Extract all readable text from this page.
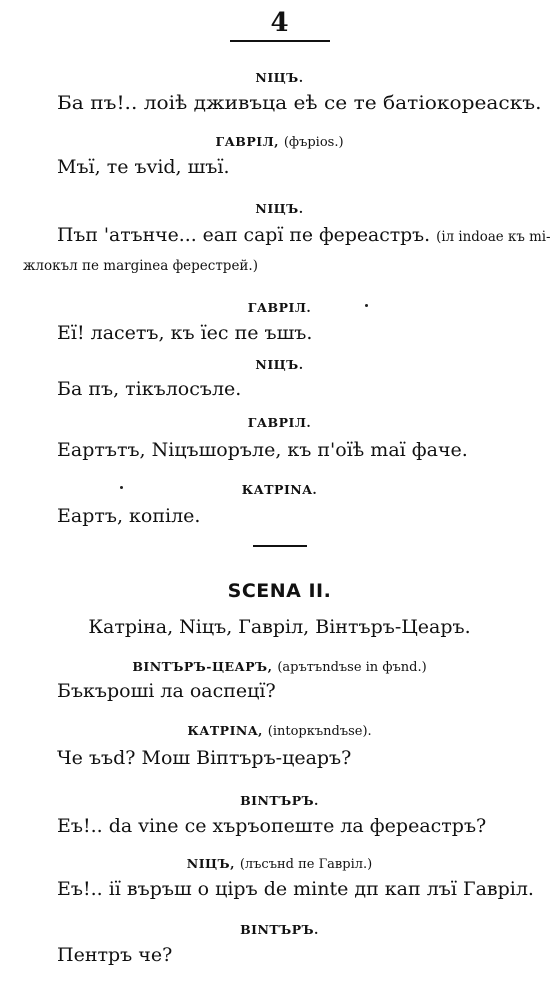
4
NIЦЪ.
Ба пъ!.. лоiѣ дживъца еѣ се те батiокореаскъ.
ГАВРIЛ, (фъріos.)
Мъї, те ъvid, шъї.
NIЦЪ.
Пъп 'атънче... еап сарї пе фереастръ. (іл іndoae къ mi-
жлокъл пе marginea ферестрей.)
ГАВРIЛ.
Еї! ласетъ, къ їес пе ъшъ.
NIЦЪ.
Ба пъ, тікълосъле.
ГАВРIЛ.
Еартътъ, Nіцъшоръле, къ п'оїѣ maї фаче.
КАТРINA.
Еартъ, копіле.
SCENA II.
Катріна, Nіцъ, Гаврiл, Bінтъръ-Цеаръ.
BІNТЪРЪ-ЦЕАРЪ, (арътъndъse in фъnd.)
Бъкъроші ла оаспецї?
КАТРINA, (intopкъndъse).
Че ъъd? Мош Віптъръ-цеаръ?
ВІNТЪРЪ.
Еъ!.. da vine се хъръопеште ла фереастръ?
NIЦЪ, (лъсънd пе Гаврiл.)
Еъ!.. ії въръш о цiръ de minte дп кап лъї Гаврiл.
ВІNТЪРЪ.
Пентръ че?
